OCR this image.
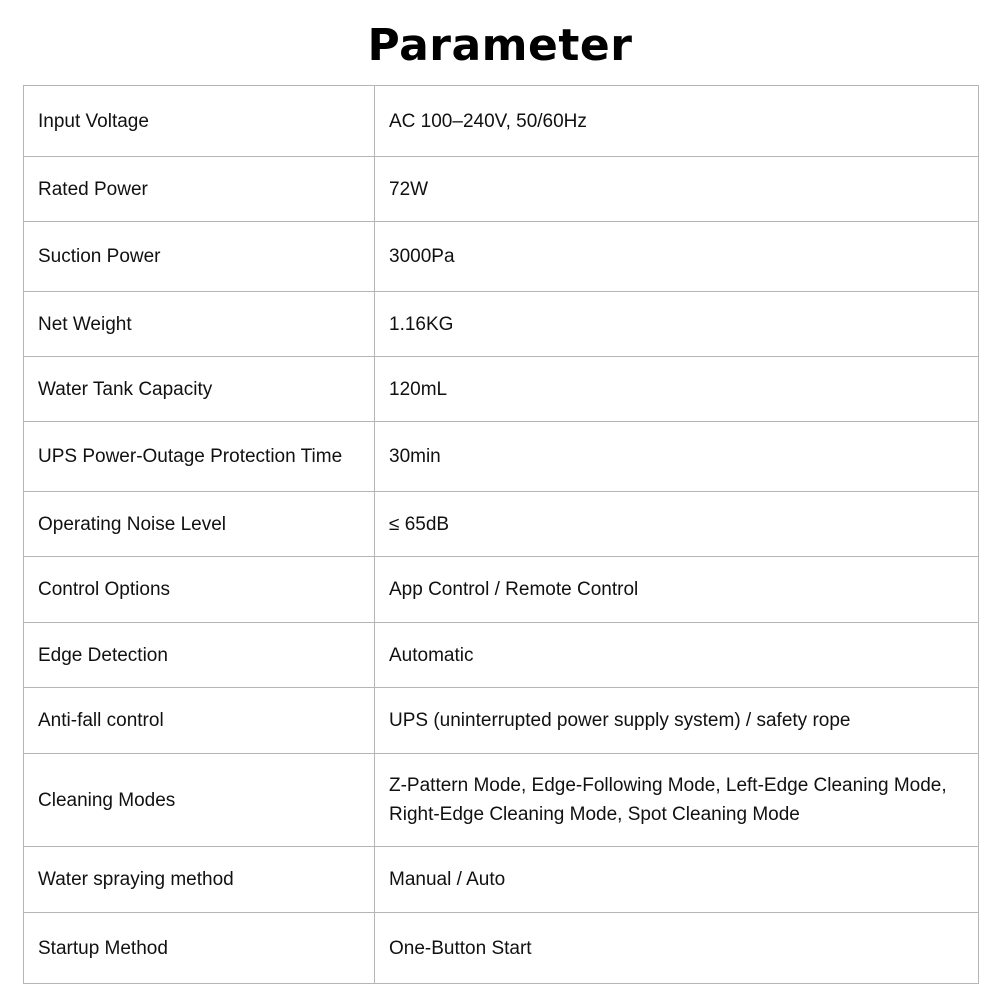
Parameter
Input Voltage	AC 100–240V, 50/60Hz
Rated Power	72W
Suction Power	3000Pa
Net Weight	1.16KG
Water Tank Capacity	120mL
UPS Power-Outage Protection Time	30min
Operating Noise Level	≤ 65dB
Control Options	App Control / Remote Control
Edge Detection	Automatic
Anti-fall control	UPS (uninterrupted power supply system) / safety rope
Cleaning Modes	Z-Pattern Mode, Edge-Following Mode, Left-Edge Cleaning Mode, Right-Edge Cleaning Mode, Spot Cleaning Mode
Water spraying method	Manual / Auto
Startup Method	One-Button Start
